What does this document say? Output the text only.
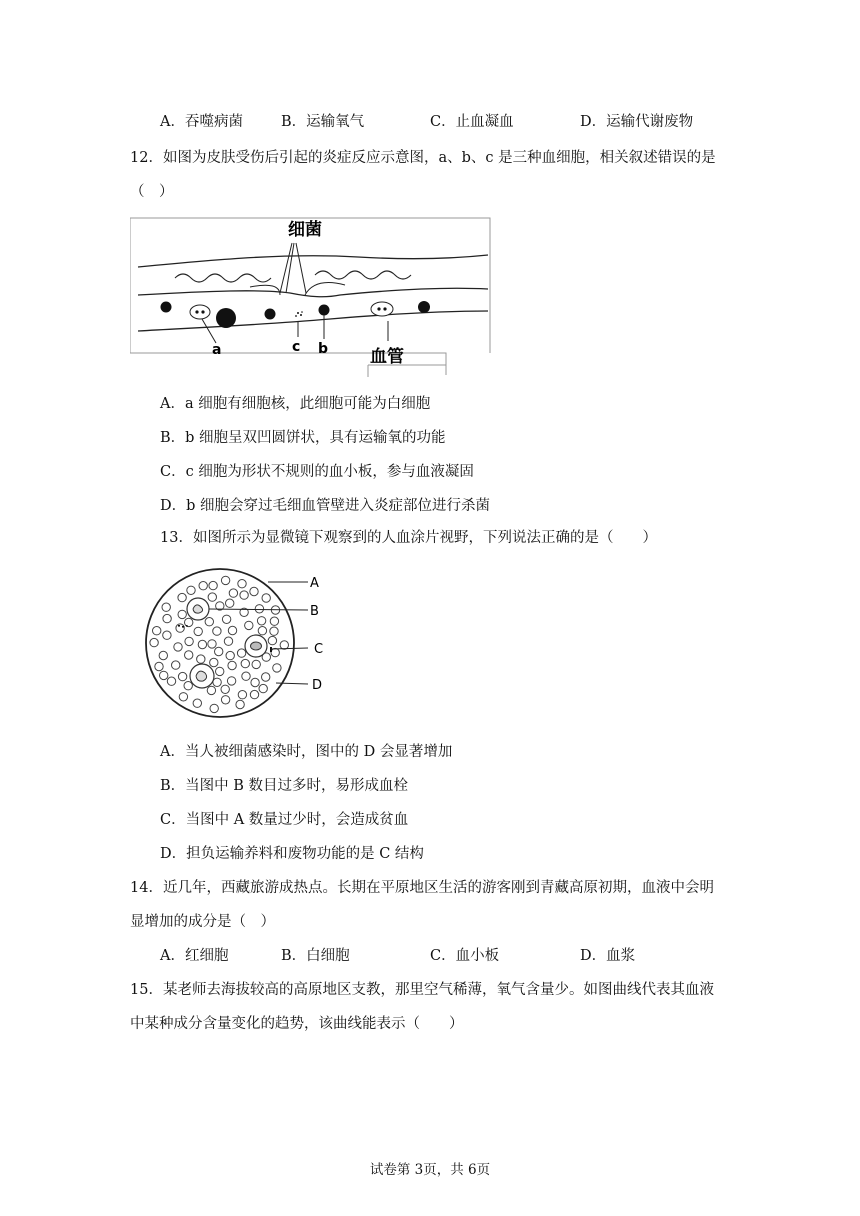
A．吞噬病菌	B．运输氧气	C．止血凝血	D．运输代谢废物
12．如图为皮肤受伤后引起的炎症反应示意图，a、b、c 是三种血细胞，相关叙述错误的是
（　）
细菌
a	c b 血管
A．a 细胞有细胞核，此细胞可能为白细胞
B．b 细胞呈双凹圆饼状，具有运输氧的功能
C．c 细胞为形状不规则的血小板，参与血液凝固
D．b 细胞会穿过毛细血管壁进入炎症部位进行杀菌
13．如图所示为显微镜下观察到的人血涂片视野，下列说法正确的是（　　）
A
B
C
D
A．当人被细菌感染时，图中的 D 会显著增加
B．当图中 B 数目过多时，易形成血栓
C．当图中 A 数量过少时，会造成贫血
D．担负运输养料和废物功能的是 C 结构
14．近几年，西藏旅游成热点。长期在平原地区生活的游客刚到青藏高原初期，血液中会明
显增加的成分是（　）
A．红细胞	B．白细胞	C．血小板	D．血浆
15．某老师去海拔较高的高原地区支教，那里空气稀薄，氧气含量少。如图曲线代表其血液
中某种成分含量变化的趋势，该曲线能表示（　　）
试卷第 3页，共 6页
